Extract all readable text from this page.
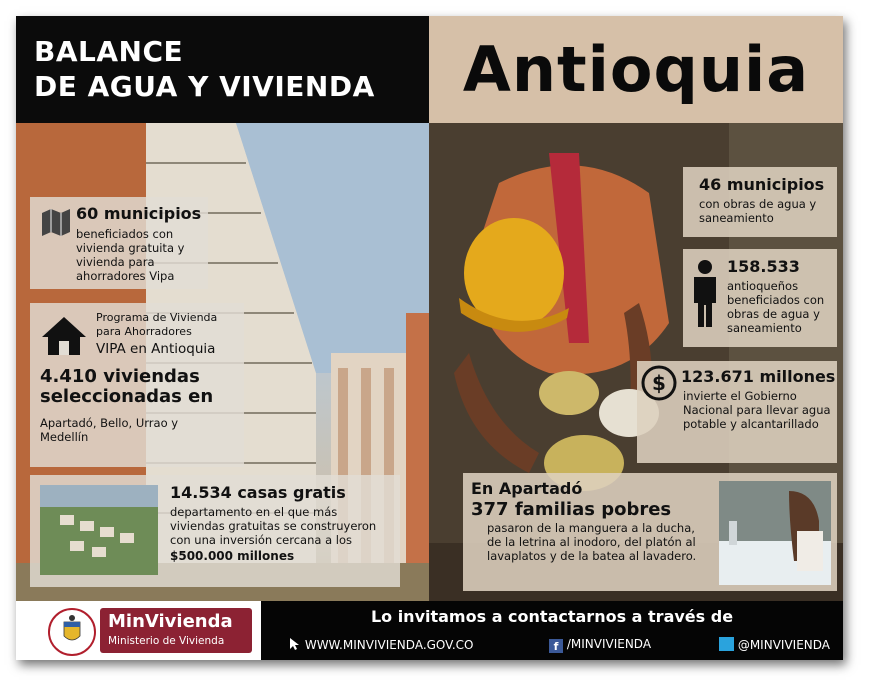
BALANCE
DE AGUA Y VIVIENDA	Antioquia
60 municipios
beneficiados con vivienda gratuita y vivienda para ahorradores Vipa
Programa de Vivienda para Ahorradores
VIPA en Antioquia
4.410 viviendas seleccionadas en
Apartadó, Bello, Urrao y Medellín
14.534 casas gratis
departamento en el que más viviendas gratuitas se construyeron con una inversión cercana a los
$500.000 millones
46 municipios
con obras de agua y saneamiento
158.533
antioqueños beneficiados con obras de agua y saneamiento
$ 123.671 millones
invierte el Gobierno Nacional para llevar agua potable y alcantarillado
En Apartadó
377 familias pobres
pasaron de la manguera a la ducha, de la letrina al inodoro, del platón al lavaplatos y de la batea al lavadero.
MinVivienda
Ministerio de Vivienda
Lo invitamos a contactarnos a través de
WWW.MINVIVIENDA.GOV.CO	f /MINVIVIENDA	@MINVIVIENDA
